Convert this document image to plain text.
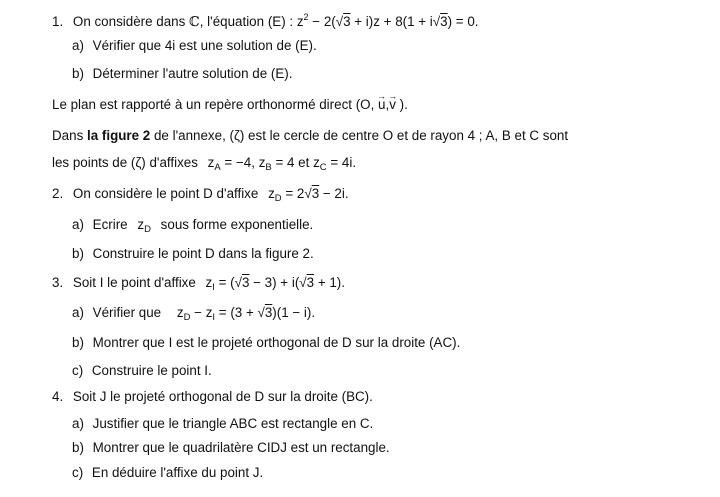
1. On considère dans ℂ, l'équation (E) : $z^2 - 2(√3 + i)z + 8(1 + i√3) = 0$.
a) Vérifier que 4i est une solution de (E).
b) Déterminer l'autre solution de (E).
Le plan est rapporté à un repère orthonormé direct (O, → u,→ v ).
Dans la figure 2 de l'annexe, (ζ) est le cercle de centre O et de rayon 4 ; A, B et C sont
les points de (ζ) d'affixes $z_A = -4$, $z_B = 4$ et $z_C = 4i$.
2. On considère le point D d'affixe $z_D = 2√3 - 2i$.
a) Ecrire $z_D$ sous forme exponentielle.
b) Construire le point D dans la figure 2.
3. Soit I le point d'affixe $z_I = (√3 - 3) + i(√3 + 1)$.
a) Vérifier que $z_D - z_I = (3 + √3)(1 - i)$.
b) Montrer que I est le projeté orthogonal de D sur la droite (AC).
c) Construire le point I.
4. Soit J le projeté orthogonal de D sur la droite (BC).
a) Justifier que le triangle ABC est rectangle en C.
b) Montrer que le quadrilatère CIDJ est un rectangle.
c) En déduire l'affixe du point J.
